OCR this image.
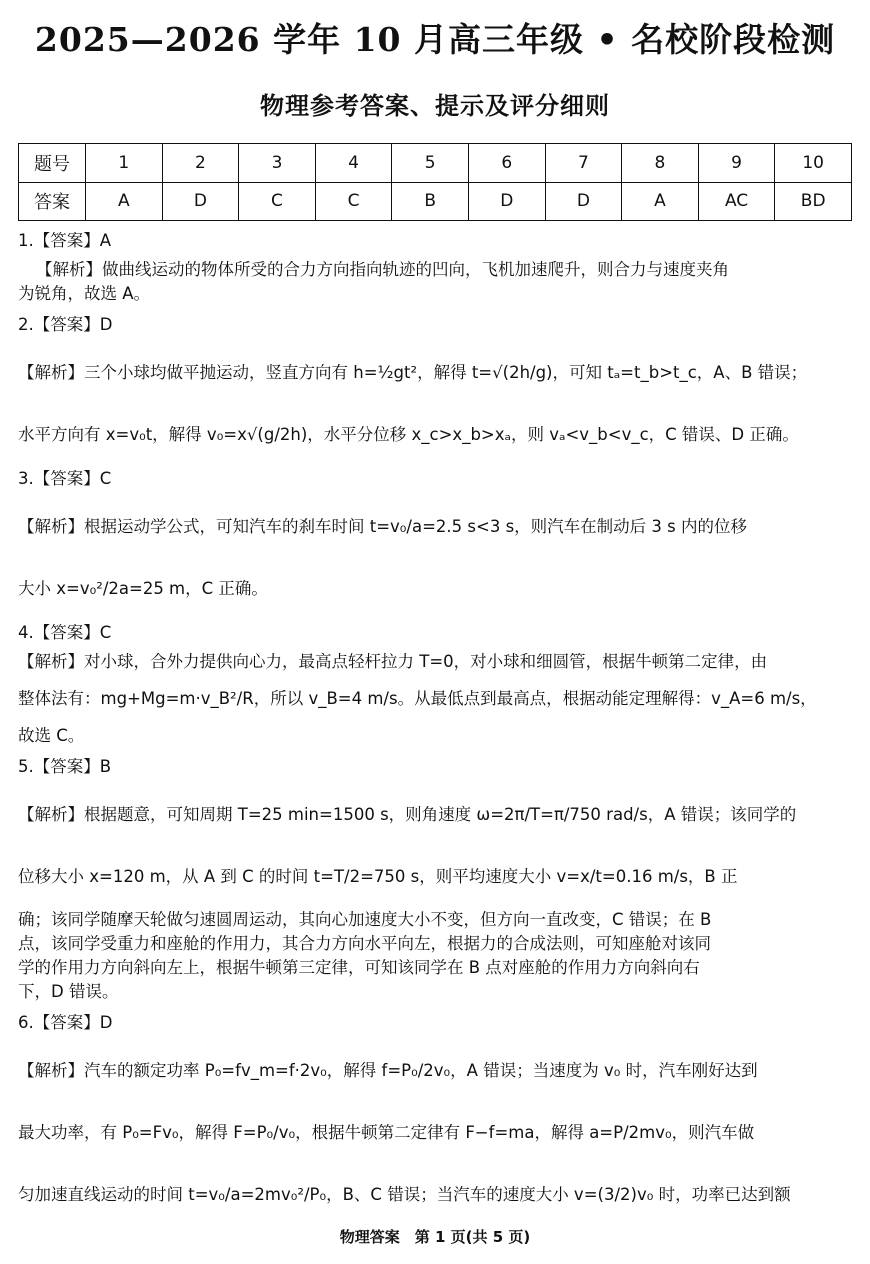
2025—2026 学年 10 月高三年级 • 名校阶段检测
物理参考答案、提示及评分细则
题号	1	2	3	4	5	6	7	8	9	10
答案	A	D	C	C	B	D	D	A	AC	BD
1.【答案】A
【解析】做曲线运动的物体所受的合力方向指向轨迹的凹向，飞机加速爬升，则合力与速度夹角
为锐角，故选 A。
2.【答案】D
【解析】三个小球均做平抛运动，竖直方向有 h=½gt²，解得 t=√(2h/g)，可知 tₐ=t_b>t_c，A、B 错误；
水平方向有 x=v₀t，解得 v₀=x√(g/2h)，水平分位移 x_c>x_b>xₐ，则 vₐ<v_b<v_c，C 错误、D 正确。
3.【答案】C
【解析】根据运动学公式，可知汽车的刹车时间 t=v₀/a=2.5 s<3 s，则汽车在制动后 3 s 内的位移
大小 x=v₀²/2a=25 m，C 正确。
4.【答案】C
【解析】对小球，合外力提供向心力，最高点轻杆拉力 T=0，对小球和细圆管，根据牛顿第二定律，由
整体法有：mg+Mg=m·v_B²/R，所以 v_B=4 m/s。从最低点到最高点，根据动能定理解得：v_A=6 m/s，
故选 C。
5.【答案】B
【解析】根据题意，可知周期 T=25 min=1500 s，则角速度 ω=2π/T=π/750 rad/s，A 错误；该同学的
位移大小 x=120 m，从 A 到 C 的时间 t=T/2=750 s，则平均速度大小 v=x/t=0.16 m/s，B 正
确；该同学随摩天轮做匀速圆周运动，其向心加速度大小不变，但方向一直改变，C 错误；在 B
点，该同学受重力和座舱的作用力，其合力方向水平向左，根据力的合成法则，可知座舱对该同
学的作用力方向斜向左上，根据牛顿第三定律，可知该同学在 B 点对座舱的作用力方向斜向右
下，D 错误。
6.【答案】D
【解析】汽车的额定功率 P₀=fv_m=f·2v₀，解得 f=P₀/2v₀，A 错误；当速度为 v₀ 时，汽车刚好达到
最大功率，有 P₀=Fv₀，解得 F=P₀/v₀，根据牛顿第二定律有 F−f=ma，解得 a=P/2mv₀，则汽车做
匀加速直线运动的时间 t=v₀/a=2mv₀²/P₀，B、C 错误；当汽车的速度大小 v=(3/2)v₀ 时，功率已达到额
物理答案　第 1 页(共 5 页)
